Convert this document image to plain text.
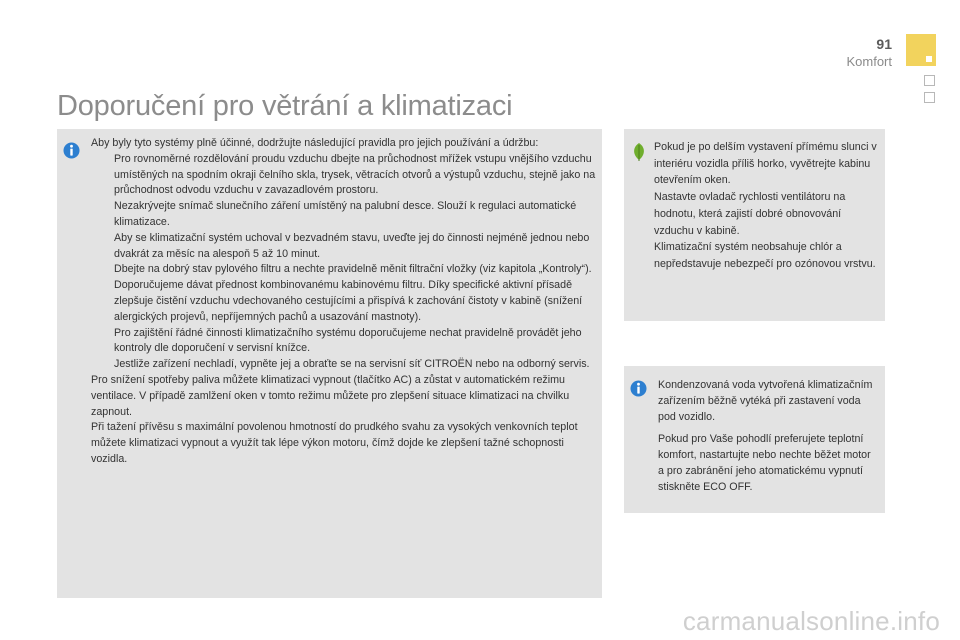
91
Komfort
Doporučení pro větrání a klimatizaci

Aby byly tyto systémy plně účinné, dodržujte následující pravidla pro jejich používání a údržbu:

Pro rovnoměrné rozdělování proudu vzduchu dbejte na průchodnost mřížek vstupu vnějšího vzduchu umístěných na spodním okraji čelního skla, trysek, větracích otvorů a výstupů vzduchu, stejně jako na průchodnost odvodu vzduchu v zavazadlovém prostoru.

Nezakrývejte snímač slunečního záření umístěný na palubní desce. Slouží k regulaci automatické klimatizace.

Aby se klimatizační systém uchoval v bezvadném stavu, uveďte jej do činnosti nejméně jednou nebo dvakrát za měsíc na alespoň 5 až 10 minut.

Dbejte na dobrý stav pylového filtru a nechte pravidelně měnit filtrační vložky (viz kapitola „Kontroly“).

Doporučujeme dávat přednost kombinovanému kabinovému filtru. Díky specifické aktivní přísadě zlepšuje čistění vzduchu vdechovaného cestujícími a přispívá k zachování čistoty v kabině (snížení alergických projevů, nepříjemných pachů a usazování mastnoty).

Pro zajištění řádné činnosti klimatizačního systému doporučujeme nechat pravidelně provádět jeho kontroly dle doporučení v servisní knížce.

Jestliže zařízení nechladí, vypněte jej a obraťte se na servisní síť CITROËN nebo na odborný servis.

Pro snížení spotřeby paliva můžete klimatizaci vypnout (tlačítko AC) a zůstat v automatickém režimu ventilace. V případě zamlžení oken v tomto režimu můžete pro zlepšení situace klimatizaci na chvilku zapnout.

Při tažení přívěsu s maximální povolenou hmotností do prudkého svahu za vysokých venkovních teplot můžete klimatizaci vypnout a využít tak lépe výkon motoru, čímž dojde ke zlepšení tažné schopnosti vozidla.

Pokud je po delším vystavení přímému slunci v interiéru vozidla příliš horko, vyvětrejte kabinu otevřením oken.

Nastavte ovladač rychlosti ventilátoru na hodnotu, která zajistí dobré obnovování vzduchu v kabině.

Klimatizační systém neobsahuje chlór a nepředstavuje nebezpečí pro ozónovou vrstvu.

Kondenzovaná voda vytvořená klimatizačním zařízením běžně vytéká při zastavení voda pod vozidlo.

Pokud pro Vaše pohodlí preferujete teplotní komfort, nastartujte nebo nechte běžet motor a pro zabránění jeho atomatickému vypnutí stiskněte ECO OFF.

carmanualsonline.info
